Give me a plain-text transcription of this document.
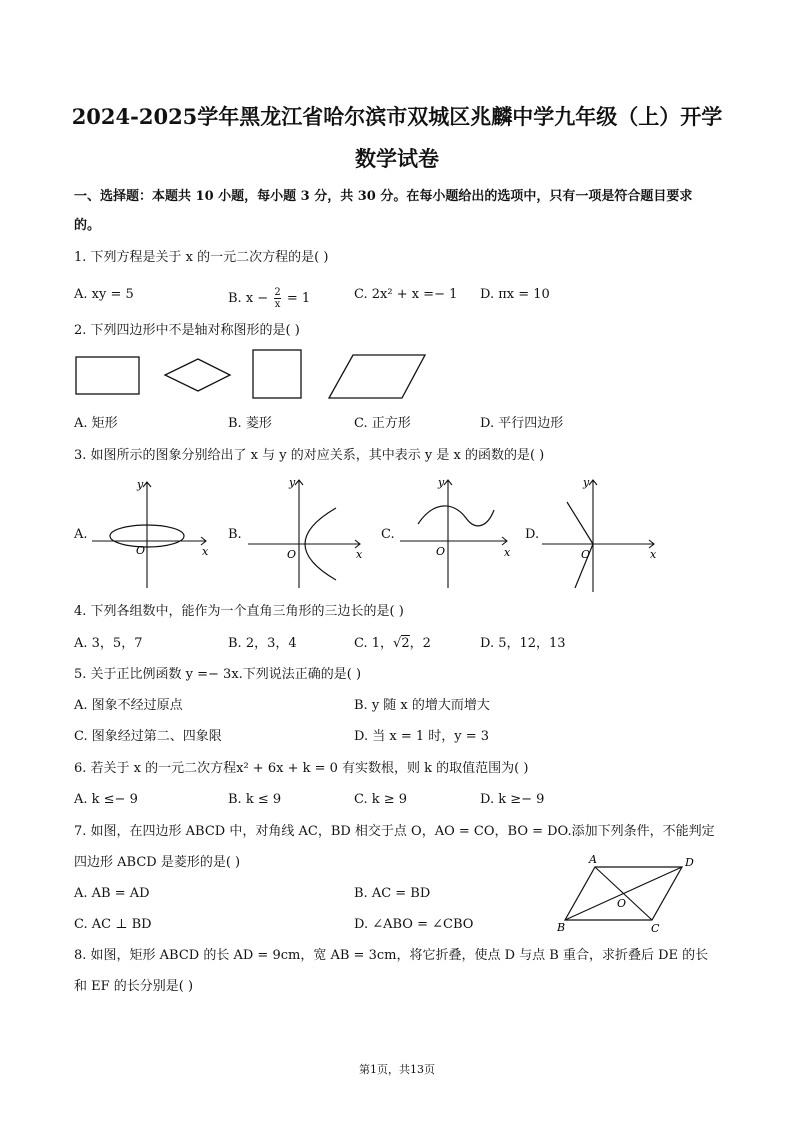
2024-2025学年黑龙江省哈尔滨市双城区兆麟中学九年级（上）开学
数学试卷
一、选择题：本题共 10 小题，每小题 3 分，共 30 分。在每小题给出的选项中，只有一项是符合题目要求
的。
1. 下列方程是关于 x 的一元二次方程的是( )
A. xy = 5	B. $x - \frac{2}{x} = 1$	C. 2x² + x =− 1 D. πx = 10
2. 下列四边形中不是轴对称图形的是( )
A. 矩形	B. 菱形	C. 正方形	D. 平行四边形
3. 如图所示的图象分别给出了 x 与 y 的对应关系，其中表示 y 是 x 的函数的是( )
A.	B.	C.	D.
O	x
y
O	x
y
O	x
y
O	x
y
4. 下列各组数中，能作为一个直角三角形的三边长的是( )
A. 3，5，7	B. 2，3，4	C. 1，√2，2	D. 5，12，13
5. 关于正比例函数 y =− 3x.下列说法正确的是( )
A. 图象不经过原点	B. y 随 x 的增大而增大
C. 图象经过第二、四象限	D. 当 x = 1 时，y = 3
6. 若关于 x 的一元二次方程x² + 6x + k = 0 有实数根，则 k 的取值范围为( )
A. k ≤− 9	B. k ≤ 9	C. k ≥ 9	D. k ≥− 9
7. 如图，在四边形 ABCD 中，对角线 AC，BD 相交于点 O，AO = CO，BO = DO.添加下列条件，不能判定
四边形 ABCD 是菱形的是( )
A. AB = AD	B. AC = BD
C. AC ⊥ BD	D. ∠ABO = ∠CBO
A	D
B	C
O
8. 如图，矩形 ABCD 的长 AD = 9cm，宽 AB = 3cm，将它折叠，使点 D 与点 B 重合，求折叠后 DE 的长
和 EF 的长分别是( )
第1页，共13页
